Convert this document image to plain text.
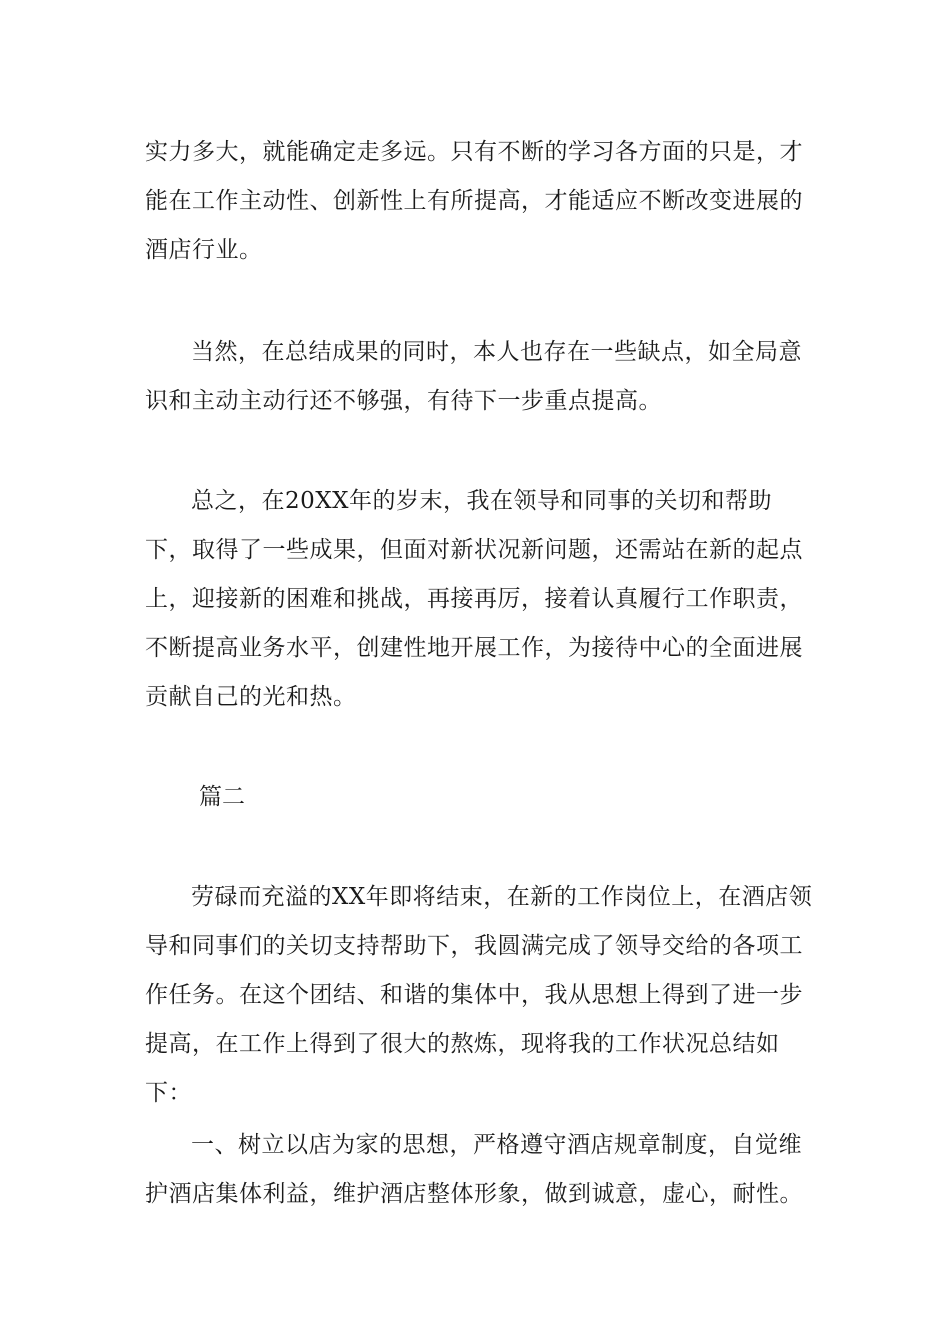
实力多大，就能确定走多远。只有不断的学习各方面的只是，才能在工作主动性、创新性上有所提高，才能适应不断改变进展的酒店行业。

当然，在总结成果的同时，本人也存在一些缺点，如全局意识和主动主动行还不够强，有待下一步重点提高。

总之，在20XX年的岁末，我在领导和同事的关切和帮助下，取得了一些成果，但面对新状况新问题，还需站在新的起点上，迎接新的困难和挑战，再接再厉，接着认真履行工作职责，不断提高业务水平，创建性地开展工作，为接待中心的全面进展贡献自己的光和热。

篇二

劳碌而充溢的XX年即将结束，在新的工作岗位上，在酒店领导和同事们的关切支持帮助下，我圆满完成了领导交给的各项工作任务。在这个团结、和谐的集体中，我从思想上得到了进一步提高，在工作上得到了很大的熬炼，现将我的工作状况总结如下：

一、树立以店为家的思想，严格遵守酒店规章制度，自觉维护酒店集体利益，维护酒店整体形象，做到诚意，虚心，耐性。
